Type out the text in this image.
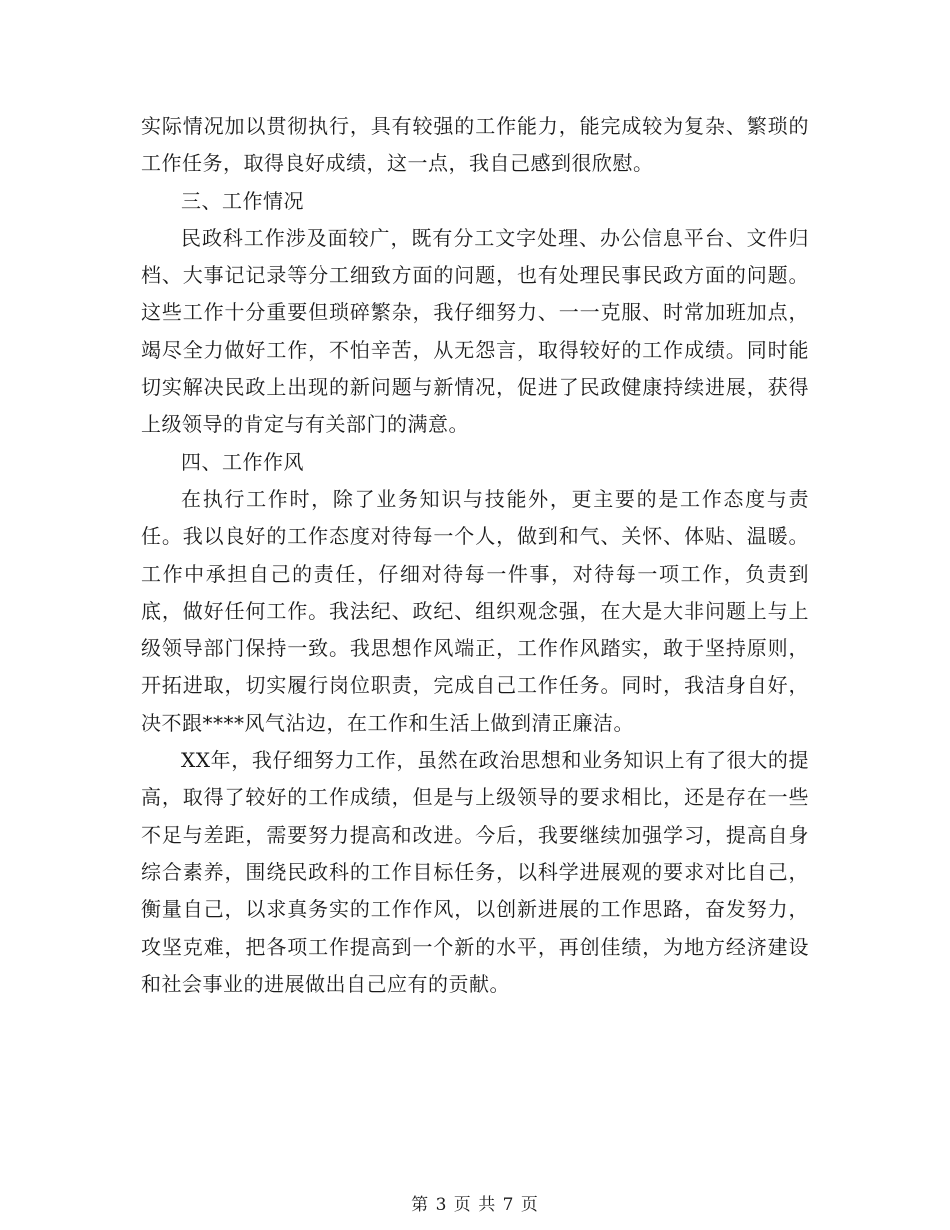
实际情况加以贯彻执行，具有较强的工作能力，能完成较为复杂、繁琐的工作任务，取得良好成绩，这一点，我自己感到很欣慰。

三、工作情况

民政科工作涉及面较广，既有分工文字处理、办公信息平台、文件归档、大事记记录等分工细致方面的问题，也有处理民事民政方面的问题。这些工作十分重要但琐碎繁杂，我仔细努力、一一克服、时常加班加点，竭尽全力做好工作，不怕辛苦，从无怨言，取得较好的工作成绩。同时能切实解决民政上出现的新问题与新情况，促进了民政健康持续进展，获得上级领导的肯定与有关部门的满意。

四、工作作风

在执行工作时，除了业务知识与技能外，更主要的是工作态度与责任。我以良好的工作态度对待每一个人，做到和气、关怀、体贴、温暖。工作中承担自己的责任，仔细对待每一件事，对待每一项工作，负责到底，做好任何工作。我法纪、政纪、组织观念强，在大是大非问题上与上级领导部门保持一致。我思想作风端正，工作作风踏实，敢于坚持原则，开拓进取，切实履行岗位职责，完成自己工作任务。同时，我洁身自好，决不跟****风气沾边，在工作和生活上做到清正廉洁。

XX年，我仔细努力工作，虽然在政治思想和业务知识上有了很大的提高，取得了较好的工作成绩，但是与上级领导的要求相比，还是存在一些不足与差距，需要努力提高和改进。今后，我要继续加强学习，提高自身综合素养，围绕民政科的工作目标任务，以科学进展观的要求对比自己，衡量自己，以求真务实的工作作风，以创新进展的工作思路，奋发努力，攻坚克难，把各项工作提高到一个新的水平，再创佳绩，为地方经济建设和社会事业的进展做出自己应有的贡献。

第 3 页 共 7 页
